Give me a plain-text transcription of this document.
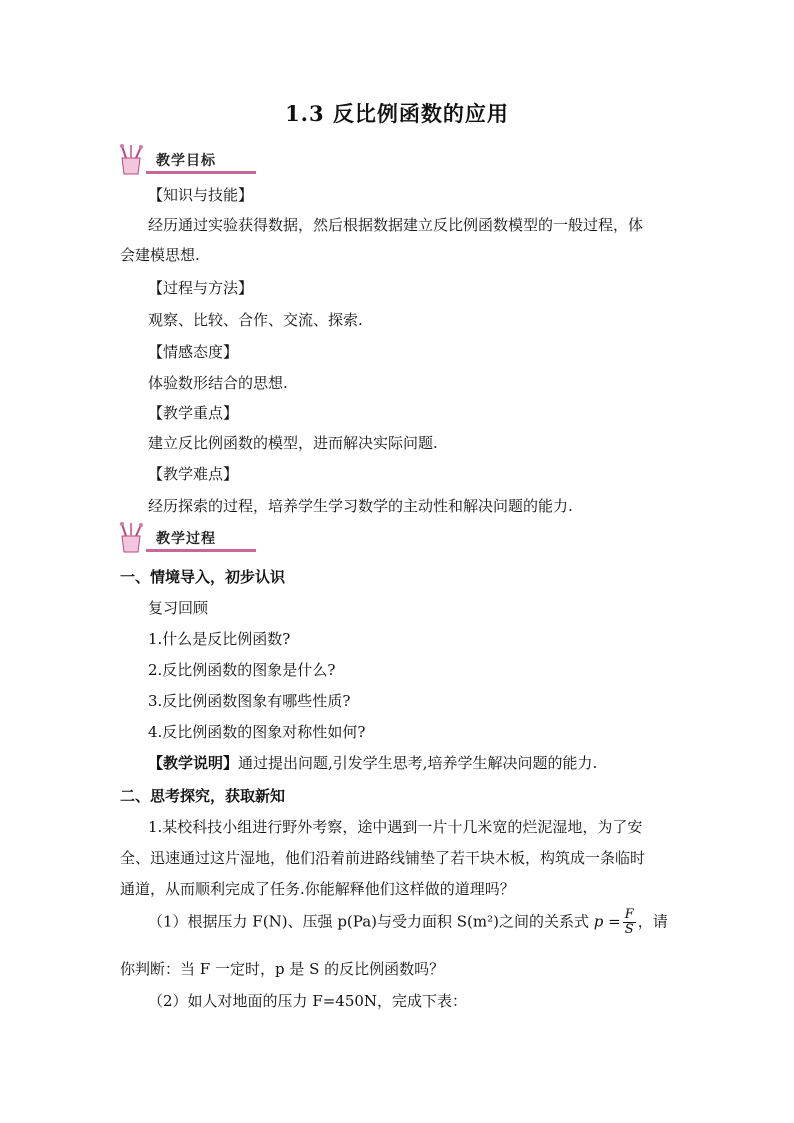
1.3 反比例函数的应用
教学目标
【知识与技能】
经历通过实验获得数据，然后根据数据建立反比例函数模型的一般过程，体
会建模思想.
【过程与方法】
观察、比较、合作、交流、探索.
【情感态度】
体验数形结合的思想.
【教学重点】
建立反比例函数的模型，进而解决实际问题.
【教学难点】
经历探索的过程，培养学生学习数学的主动性和解决问题的能力.
教学过程
一、情境导入，初步认识
复习回顾
1.什么是反比例函数?
2.反比例函数的图象是什么?
3.反比例函数图象有哪些性质?
4.反比例函数的图象对称性如何?
【教学说明】通过提出问题,引发学生思考,培养学生解决问题的能力.
二、思考探究，获取新知
1.某校科技小组进行野外考察，途中遇到一片十几米宽的烂泥湿地，为了安
全、迅速通过这片湿地，他们沿着前进路线铺垫了若干块木板，构筑成一条临时
通道，从而顺利完成了任务.你能解释他们这样做的道理吗？
（1）根据压力 F(N)、压强 p(Pa)与受力面积 S(m²)之间的关系式 $p = \frac{F}{S}$ ，请
你判断：当 F 一定时，p 是 S 的反比例函数吗？
（2）如人对地面的压力 F=450N，完成下表：
